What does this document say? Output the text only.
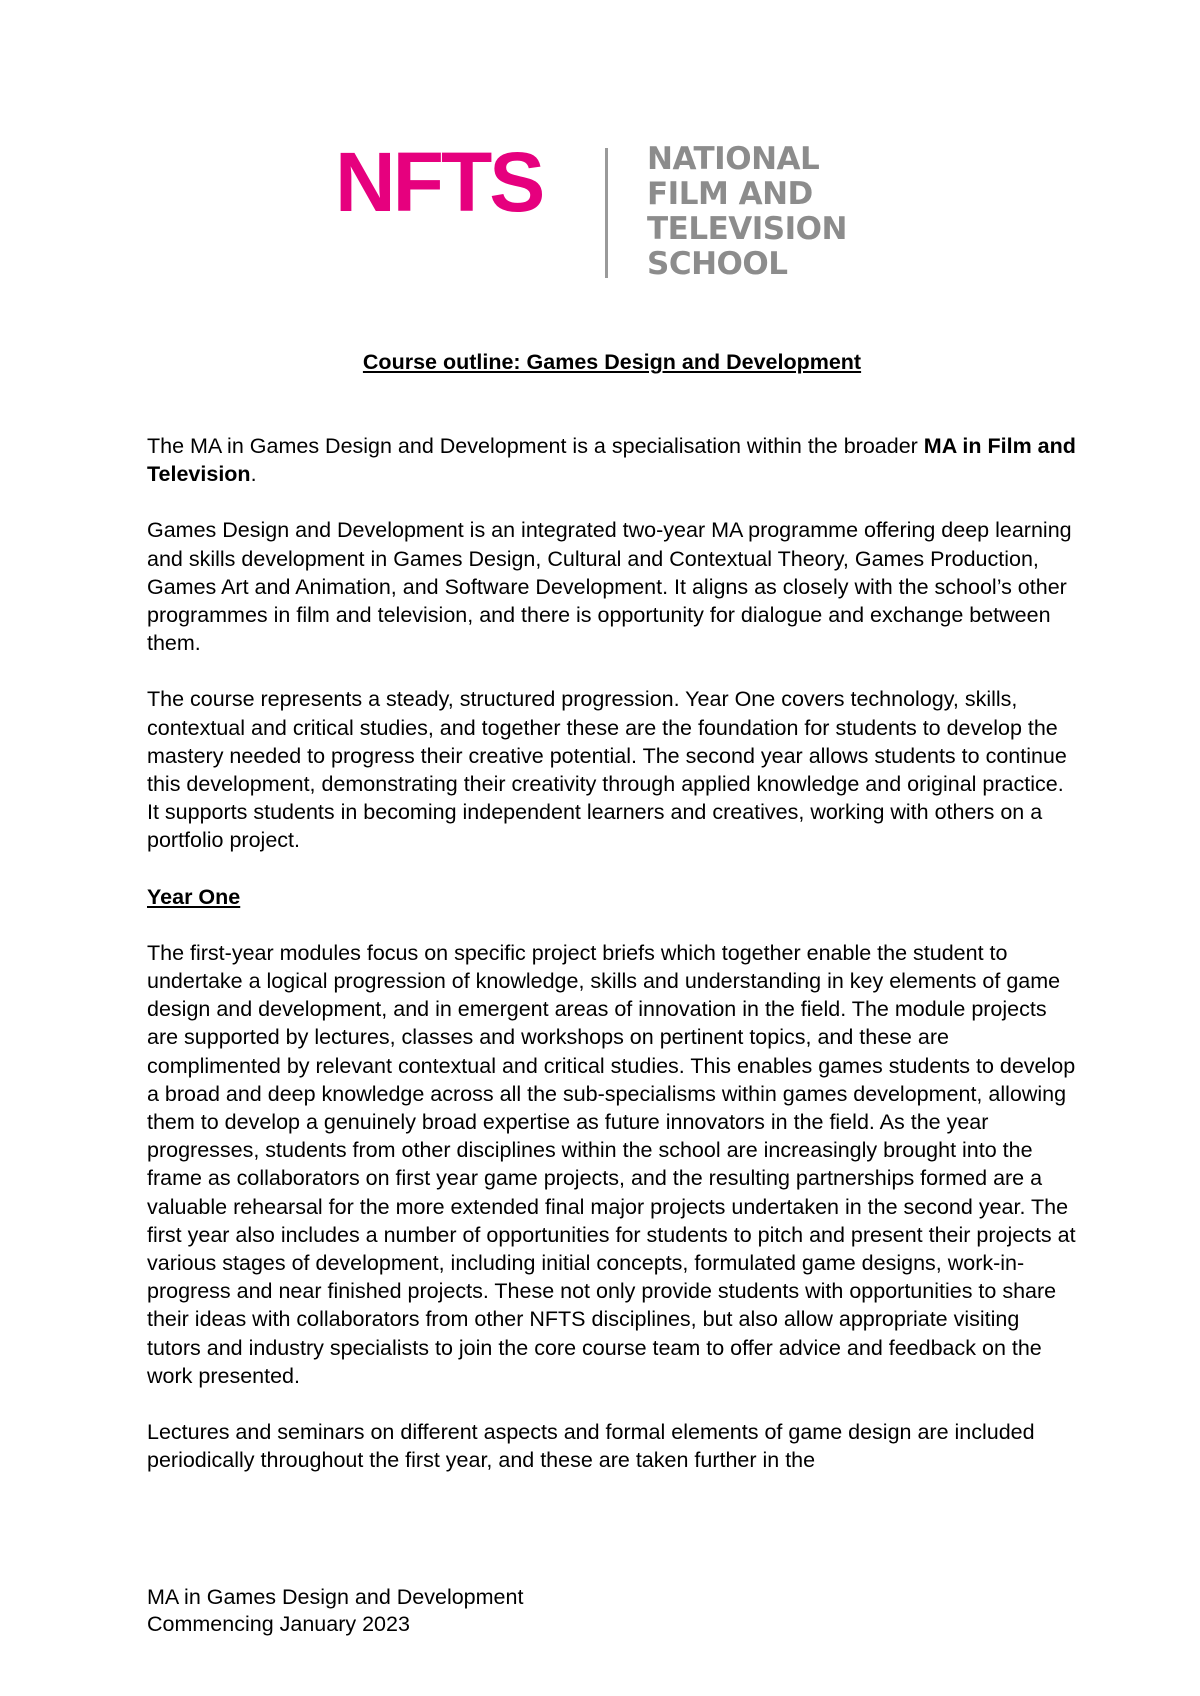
NFTS	NATIONAL
FILM AND
TELEVISION
SCHOOL
Course outline: Games Design and Development

The MA in Games Design and Development is a specialisation within the broader MA in Film and Television.

Games Design and Development is an integrated two-year MA programme offering deep learning and skills development in Games Design, Cultural and Contextual Theory, Games Production, Games Art and Animation, and Software Development. It aligns as closely with the school’s other programmes in film and television, and there is opportunity for dialogue and exchange between them.

The course represents a steady, structured progression. Year One covers technology, skills, contextual and critical studies, and together these are the foundation for students to develop the mastery needed to progress their creative potential. The second year allows students to continue this development, demonstrating their creativity through applied knowledge and original practice. It supports students in becoming independent learners and creatives, working with others on a portfolio project.

Year One

The first-year modules focus on specific project briefs which together enable the student to undertake a logical progression of knowledge, skills and understanding in key elements of game design and development, and in emergent areas of innovation in the field. The module projects are supported by lectures, classes and workshops on pertinent topics, and these are complimented by relevant contextual and critical studies. This enables games students to develop a broad and deep knowledge across all the sub-specialisms within games development, allowing them to develop a genuinely broad expertise as future innovators in the field. As the year progresses, students from other disciplines within the school are increasingly brought into the frame as collaborators on first year game projects, and the resulting partnerships formed are a valuable rehearsal for the more extended final major projects undertaken in the second year. The first year also includes a number of opportunities for students to pitch and present their projects at various stages of development, including initial concepts, formulated game designs, work-in-progress and near finished projects. These not only provide students with opportunities to share their ideas with collaborators from other NFTS disciplines, but also allow appropriate visiting tutors and industry specialists to join the core course team to offer advice and feedback on the work presented.

Lectures and seminars on different aspects and formal elements of game design are included periodically throughout the first year, and these are taken further in the

MA in Games Design and Development
Commencing January 2023
